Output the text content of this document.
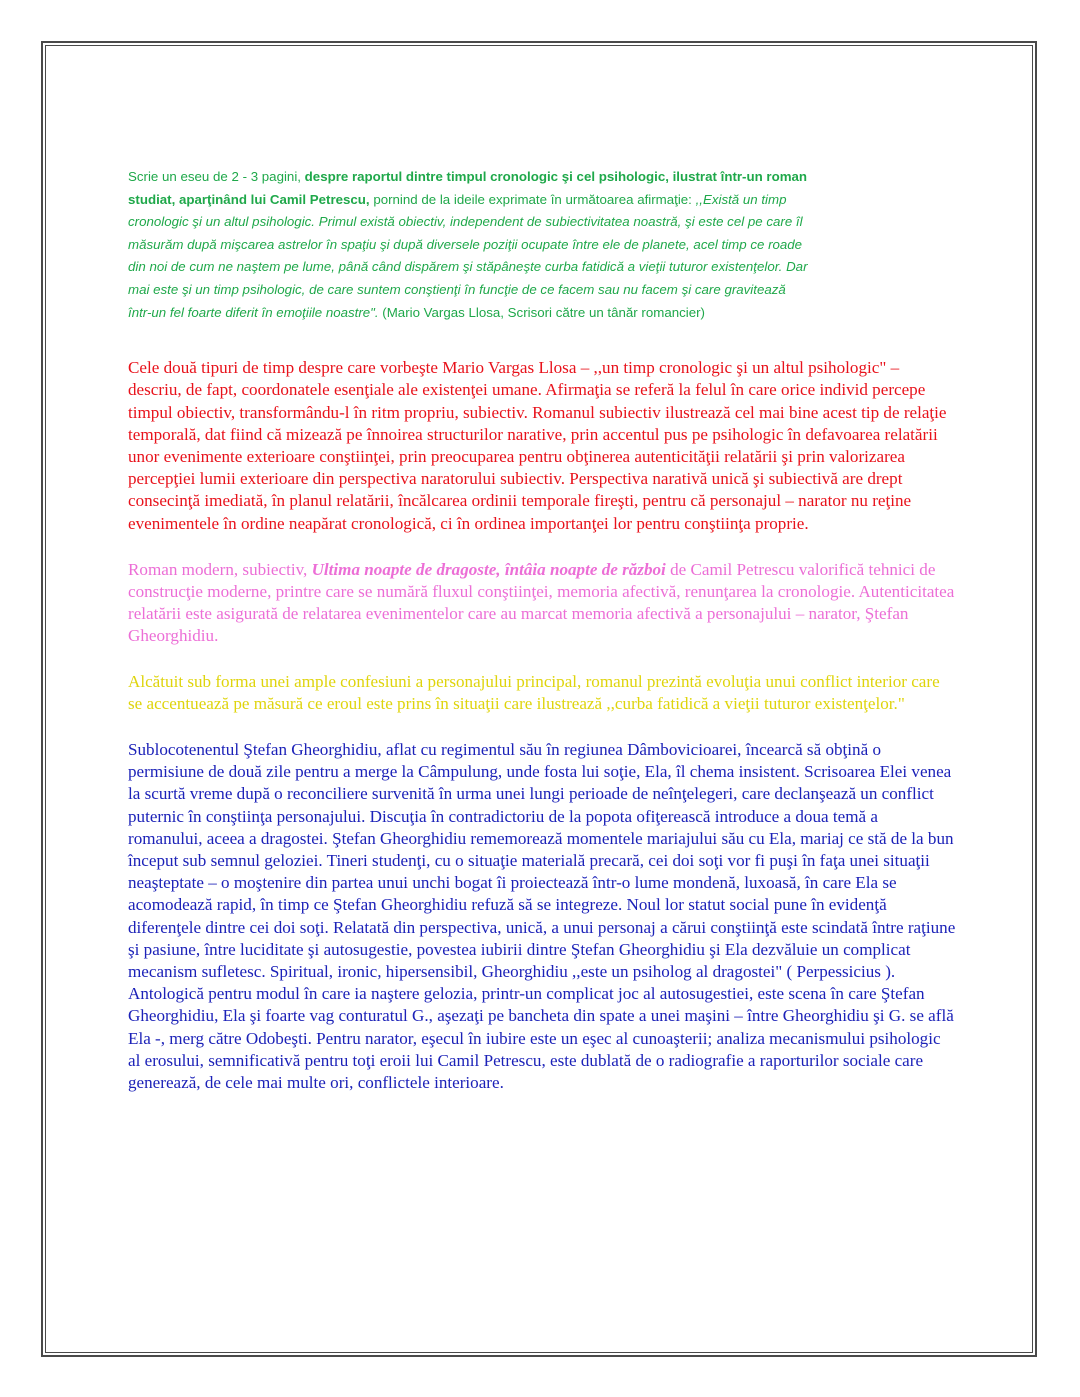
Scrie un eseu de 2 - 3 pagini, despre raportul dintre timpul cronologic şi cel psihologic, ilustrat într-un roman studiat, aparţinând lui Camil Petrescu, pornind de la ideile exprimate în următoarea afirmaţie: ,,Există un timp cronologic şi un altul psihologic. Primul există obiectiv, independent de subiectivitatea noastră, şi este cel pe care îl măsurăm după mişcarea astrelor în spaţiu şi după diversele poziţii ocupate între ele de planete, acel timp ce roade din noi de cum ne naştem pe lume, până când dispărem şi stăpâneşte curba fatidică a vieţii tuturor existenţelor. Dar mai este şi un timp psihologic, de care suntem conştienţi în funcţie de ce facem sau nu facem şi care gravitează într-un fel foarte diferit în emoţiile noastre". (Mario Vargas Llosa, Scrisori către un tânăr romancier)

Cele două tipuri de timp despre care vorbeşte Mario Vargas Llosa – ,,un timp cronologic şi un altul psihologic" – descriu, de fapt, coordonatele esenţiale ale existenţei umane. Afirmaţia se referă la felul în care orice individ percepe timpul obiectiv, transformându-l în ritm propriu, subiectiv. Romanul subiectiv ilustrează cel mai bine acest tip de relaţie temporală, dat fiind că mizează pe înnoirea structurilor narative, prin accentul pus pe psihologic în defavoarea relatării unor evenimente exterioare conştiinţei, prin preocuparea pentru obţinerea autenticităţii relatării şi prin valorizarea percepţiei lumii exterioare din perspectiva naratorului subiectiv. Perspectiva narativă unică şi subiectivă are drept consecinţă imediată, în planul relatării, încălcarea ordinii temporale fireşti, pentru că personajul – narator nu reţine evenimentele în ordine neapărat cronologică, ci în ordinea importanţei lor pentru conştiinţa proprie.

Roman modern, subiectiv, Ultima noapte de dragoste, întâia noapte de război de Camil Petrescu valorifică tehnici de construcţie moderne, printre care se numără fluxul conştiinţei, memoria afectivă, renunţarea la cronologie. Autenticitatea relatării este asigurată de relatarea evenimentelor care au marcat memoria afectivă a personajului – narator, Ştefan Gheorghidiu.

Alcătuit sub forma unei ample confesiuni a personajului principal, romanul prezintă evoluţia unui conflict interior care se accentuează pe măsură ce eroul este prins în situaţii care ilustrează ,,curba fatidică a vieţii tuturor existenţelor."

Sublocotenentul Ştefan Gheorghidiu, aflat cu regimentul său în regiunea Dâmbovicioarei, încearcă să obţină o permisiune de două zile pentru a merge la Câmpulung, unde fosta lui soţie, Ela, îl chema insistent. Scrisoarea Elei venea la scurtă vreme după o reconciliere survenită în urma unei lungi perioade de neînţelegeri, care declanşează un conflict puternic în conştiinţa personajului. Discuţia în contradictoriu de la popota ofiţerească introduce a doua temă a romanului, aceea a dragostei. Ştefan Gheorghidiu rememorează momentele mariajului său cu Ela, mariaj ce stă de la bun început sub semnul geloziei. Tineri studenţi, cu o situaţie materială precară, cei doi soţi vor fi puşi în faţa unei situaţii neaşteptate – o moştenire din partea unui unchi bogat îi proiectează într-o lume mondenă, luxoasă, în care Ela se acomodează rapid, în timp ce Ştefan Gheorghidiu refuză să se integreze. Noul lor statut social pune în evidenţă diferenţele dintre cei doi soţi. Relatată din perspectiva, unică, a unui personaj a cărui conştiinţă este scindată între raţiune şi pasiune, între luciditate şi autosugestie, povestea iubirii dintre Ştefan Gheorghidiu şi Ela dezvăluie un complicat mecanism sufletesc. Spiritual, ironic, hipersensibil, Gheorghidiu ,,este un psiholog al dragostei" ( Perpessicius ). Antologică pentru modul în care ia naştere gelozia, printr-un complicat joc al autosugestiei, este scena în care Ştefan Gheorghidiu, Ela şi foarte vag conturatul G., aşezaţi pe bancheta din spate a unei maşini – între Gheorghidiu şi G. se află Ela -, merg către Odobeşti. Pentru narator, eşecul în iubire este un eşec al cunoaşterii; analiza mecanismului psihologic al erosului, semnificativă pentru toţi eroii lui Camil Petrescu, este dublată de o radiografie a raporturilor sociale care generează, de cele mai multe ori, conflictele interioare.
